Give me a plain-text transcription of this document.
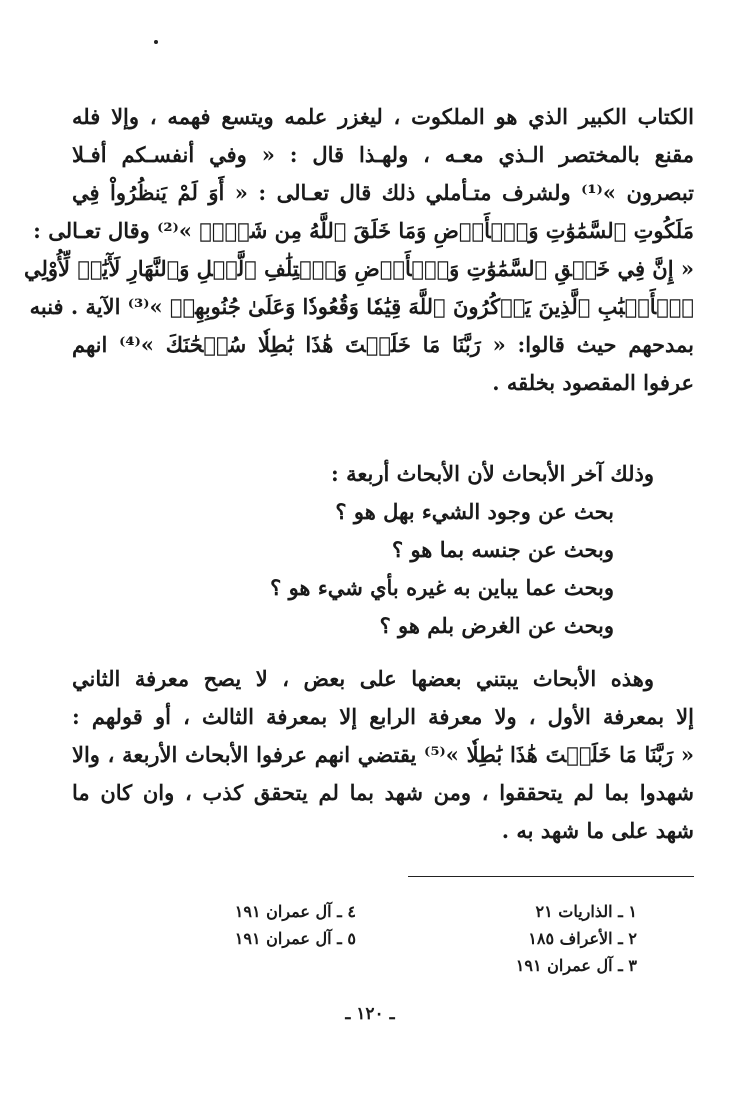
الكتاب الكبير الذي هو الملكوت ، ليغزر علمه ويتسع فهمه ، وإلا فله
مقنع بالمختصر الـذي معـه ، ولهـذا قال : « وفي أنفسـكم أفـلا
تبصرون »⁽¹⁾ ولشرف متـأملي ذلك قال تعـالى : « أَوَ لَمْ يَنظُرُواْ فِي
مَلَكُوتِ ٱلسَّمَٰوَٰتِ وَٱلۡأَرۡضِ وَمَا خَلَقَ ٱللَّهُ مِن شَيۡءٖ »⁽²⁾ وقال تعـالى :
« إِنَّ فِي خَلۡقِ ٱلسَّمَٰوَٰتِ وَٱلۡأَرۡضِ وَٱخۡتِلَٰفِ ٱلَّيۡلِ وَٱلنَّهَارِ لَأٓيَٰتٖ لِّأُوْلِي
ٱلۡأَلۡبَٰبِ ٱلَّذِينَ يَذۡكُرُونَ ٱللَّهَ قِيَٰمٗا وَقُعُودٗا وَعَلَىٰ جُنُوبِهِمۡ »⁽³⁾ الآية . فنبه
بمدحهم حيث قالوا: « رَبَّنَا مَا خَلَقۡتَ هَٰذَا بَٰطِلٗا سُبۡحَٰنَكَ »⁽⁴⁾ انهم
عرفوا المقصود بخلقه .
وذلك آخر الأبحاث لأن الأبحاث أربعة :
بحث عن وجود الشيء بهل هو ؟
وبحث عن جنسه بما هو ؟
وبحث عما يباين به غيره بأي شيء هو ؟
وبحث عن الغرض بلم هو ؟
وهذه الأبحاث يبتني بعضها على بعض ، لا يصح معرفة الثاني
إلا بمعرفة الأول ، ولا معرفة الرابع إلا بمعرفة الثالث ، أو قولهم :
« رَبَّنَا مَا خَلَقۡتَ هَٰذَا بَٰطِلٗا »⁽⁵⁾ يقتضي انهم عرفوا الأبحاث الأربعة ، والا
شهدوا بما لم يتحققوا ، ومن شهد بما لم يتحقق كذب ، وان كان ما
شهد على ما شهد به .
١ ـ الذاريات ٢١
٢ ـ الأعراف ١٨٥
٣ ـ آل عمران ١٩١
٤ ـ آل عمران ١٩١
٥ ـ آل عمران ١٩١
ـ ١٢٠ ـ
